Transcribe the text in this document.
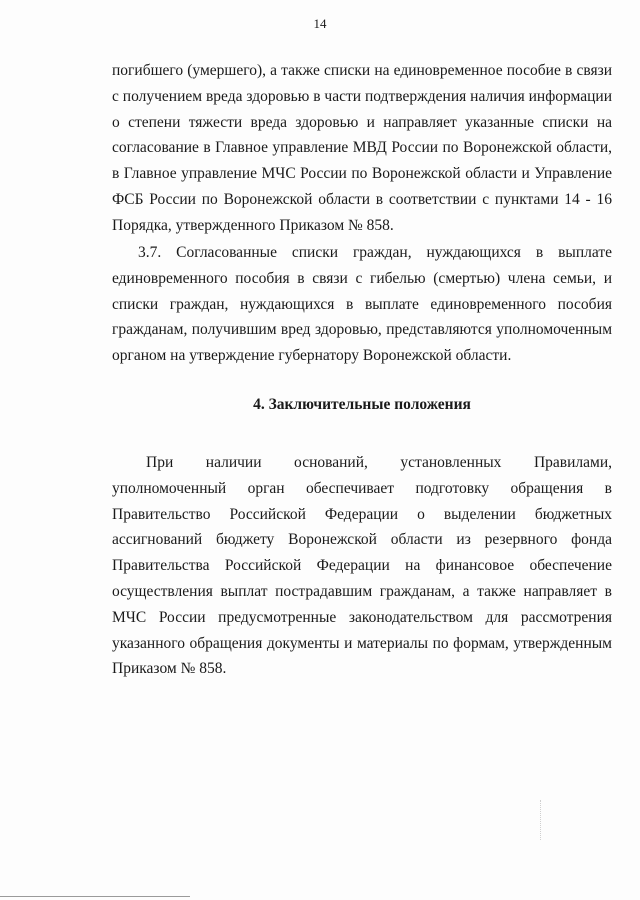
14

погибшего (умершего), а также списки на единовременное пособие в связи с получением вреда здоровью в части подтверждения наличия информации о степени тяжести вреда здоровью и направляет указанные списки на согласование в Главное управление МВД России по Воронежской области, в Главное управление МЧС России по Воронежской области и Управление ФСБ России по Воронежской области в соответствии с пунктами 14 - 16 Порядка, утвержденного Приказом № 858.

3.7. Согласованные списки граждан, нуждающихся в выплате единовременного пособия в связи с гибелью (смертью) члена семьи, и списки граждан, нуждающихся в выплате единовременного пособия гражданам, получившим вред здоровью, представляются уполномоченным органом на утверждение губернатору Воронежской области.

4. Заключительные положения

При наличии оснований, установленных Правилами, уполномоченный орган обеспечивает подготовку обращения в Правительство Российской Федерации о выделении бюджетных ассигнований бюджету Воронежской области из резервного фонда Правительства Российской Федерации на финансовое обеспечение осуществления выплат пострадавшим гражданам, а также направляет в МЧС России предусмотренные законодательством для рассмотрения указанного обращения документы и материалы по формам, утвержденным Приказом № 858.
